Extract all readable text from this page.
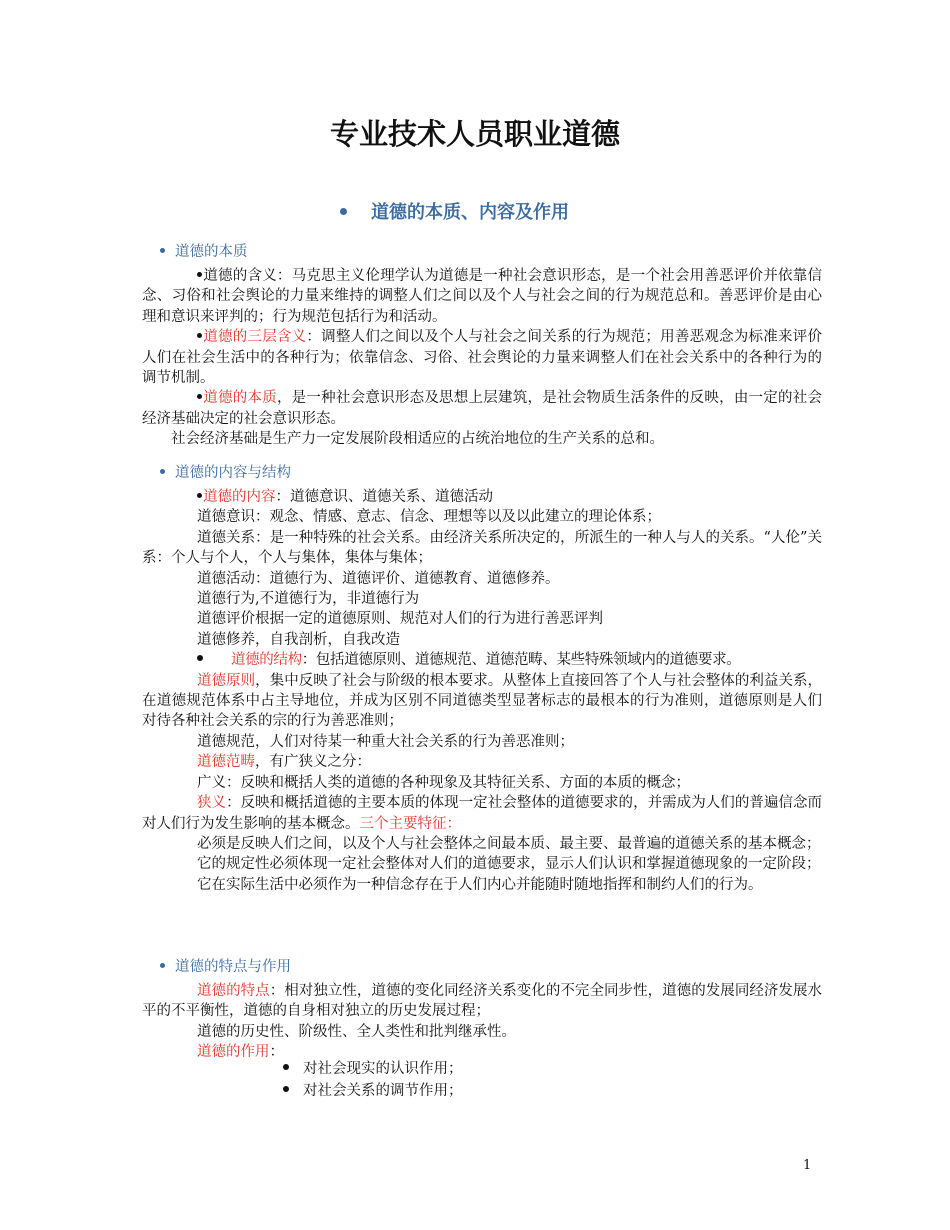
专业技术人员职业道德
道德的本质、内容及作用
道德的本质

道德的含义：马克思主义伦理学认为道德是一种社会意识形态，是一个社会用善恶评价并依靠信念、习俗和社会舆论的力量来维持的调整人们之间以及个人与社会之间的行为规范总和。善恶评价是由心理和意识来评判的；行为规范包括行为和活动。

道德的三层含义：调整人们之间以及个人与社会之间关系的行为规范；用善恶观念为标准来评价人们在社会生活中的各种行为；依靠信念、习俗、社会舆论的力量来调整人们在社会关系中的各种行为的调节机制。

道德的本质，是一种社会意识形态及思想上层建筑，是社会物质生活条件的反映，由一定的社会经济基础决定的社会意识形态。

社会经济基础是生产力一定发展阶段相适应的占统治地位的生产关系的总和。

道德的内容与结构

道德的内容：道德意识、道德关系、道德活动

道德意识：观念、情感、意志、信念、理想等以及以此建立的理论体系；

道德关系：是一种特殊的社会关系。由经济关系所决定的，所派生的一种人与人的关系。“人伦”关系：个人与个人，个人与集体，集体与集体；

道德活动：道德行为、道德评价、道德教育、道德修养。

道德行为,不道德行为，非道德行为

道德评价根据一定的道德原则、规范对人们的行为进行善恶评判

道德修养，自我剖析，自我改造

道德的结构：包括道德原则、道德规范、道德范畴、某些特殊领域内的道德要求。

道德原则，集中反映了社会与阶级的根本要求。从整体上直接回答了个人与社会整体的利益关系，在道德规范体系中占主导地位，并成为区别不同道德类型显著标志的最根本的行为准则，道德原则是人们对待各种社会关系的宗的行为善恶准则；

道德规范，人们对待某一种重大社会关系的行为善恶准则；

道德范畴，有广狭义之分：

广义：反映和概括人类的道德的各种现象及其特征关系、方面的本质的概念；

狭义：反映和概括道德的主要本质的体现一定社会整体的道德要求的，并需成为人们的普遍信念而对人们行为发生影响的基本概念。三个主要特征：

必须是反映人们之间，以及个人与社会整体之间最本质、最主要、最普遍的道德关系的基本概念；

它的规定性必须体现一定社会整体对人们的道德要求，显示人们认识和掌握道德现象的一定阶段；

它在实际生活中必须作为一种信念存在于人们内心并能随时随地指挥和制约人们的行为。

道德的特点与作用

道德的特点：相对独立性，道德的变化同经济关系变化的不完全同步性，道德的发展同经济发展水平的不平衡性，道德的自身相对独立的历史发展过程；

道德的历史性、阶级性、全人类性和批判继承性。

道德的作用：

对社会现实的认识作用；
对社会关系的调节作用；
1
